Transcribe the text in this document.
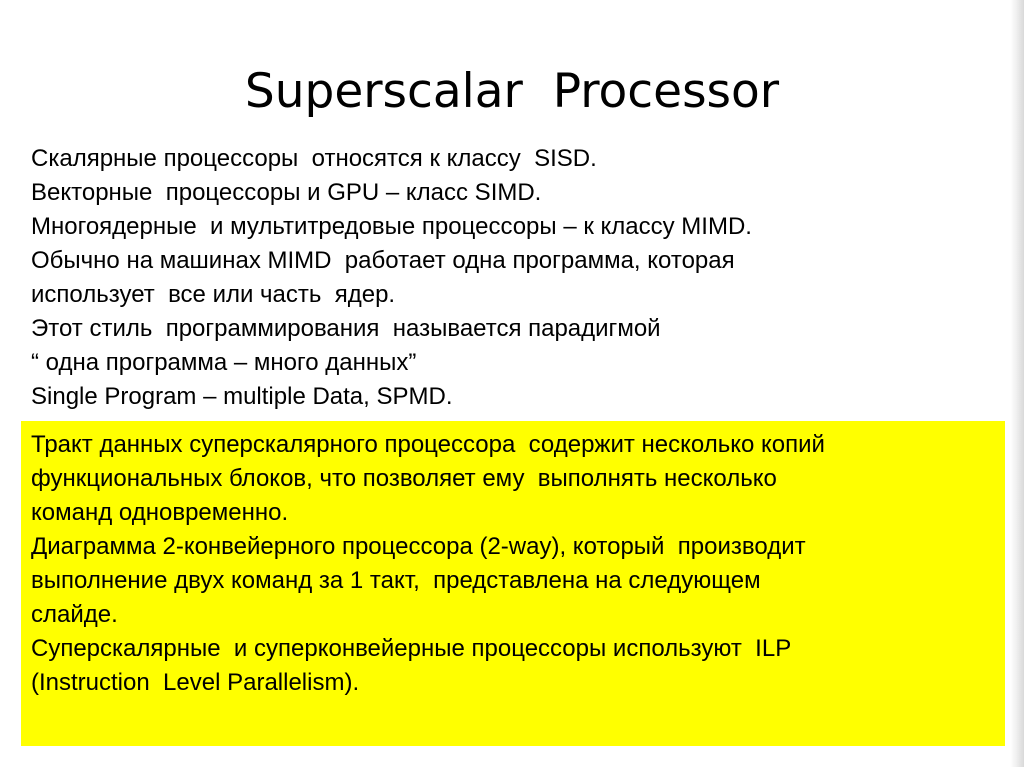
Superscalar  Processor
Скалярные процессоры  относятся к классу  SISD.
Векторные  процессоры и GPU – класс SIMD.
Многоядерные  и мультитредовые процессоры – к классу MIMD.
Обычно на машинах MIMD  работает одна программа, которая
использует  все или часть  ядер.
Этот стиль  программирования  называется парадигмой
“ одна программа – много данных”
Single Program – multiple Data, SPMD.
Тракт данных суперскалярного процессора  содержит несколько копий
функциональных блоков, что позволяет ему  выполнять несколько
команд одновременно.
Диаграмма 2-конвейерного процессора (2-way), который  производит
выполнение двух команд за 1 такт,  представлена на следующем
слайде.
Суперскалярные  и суперконвейерные процессоры используют  ILP
(Instruction  Level Parallelism).
